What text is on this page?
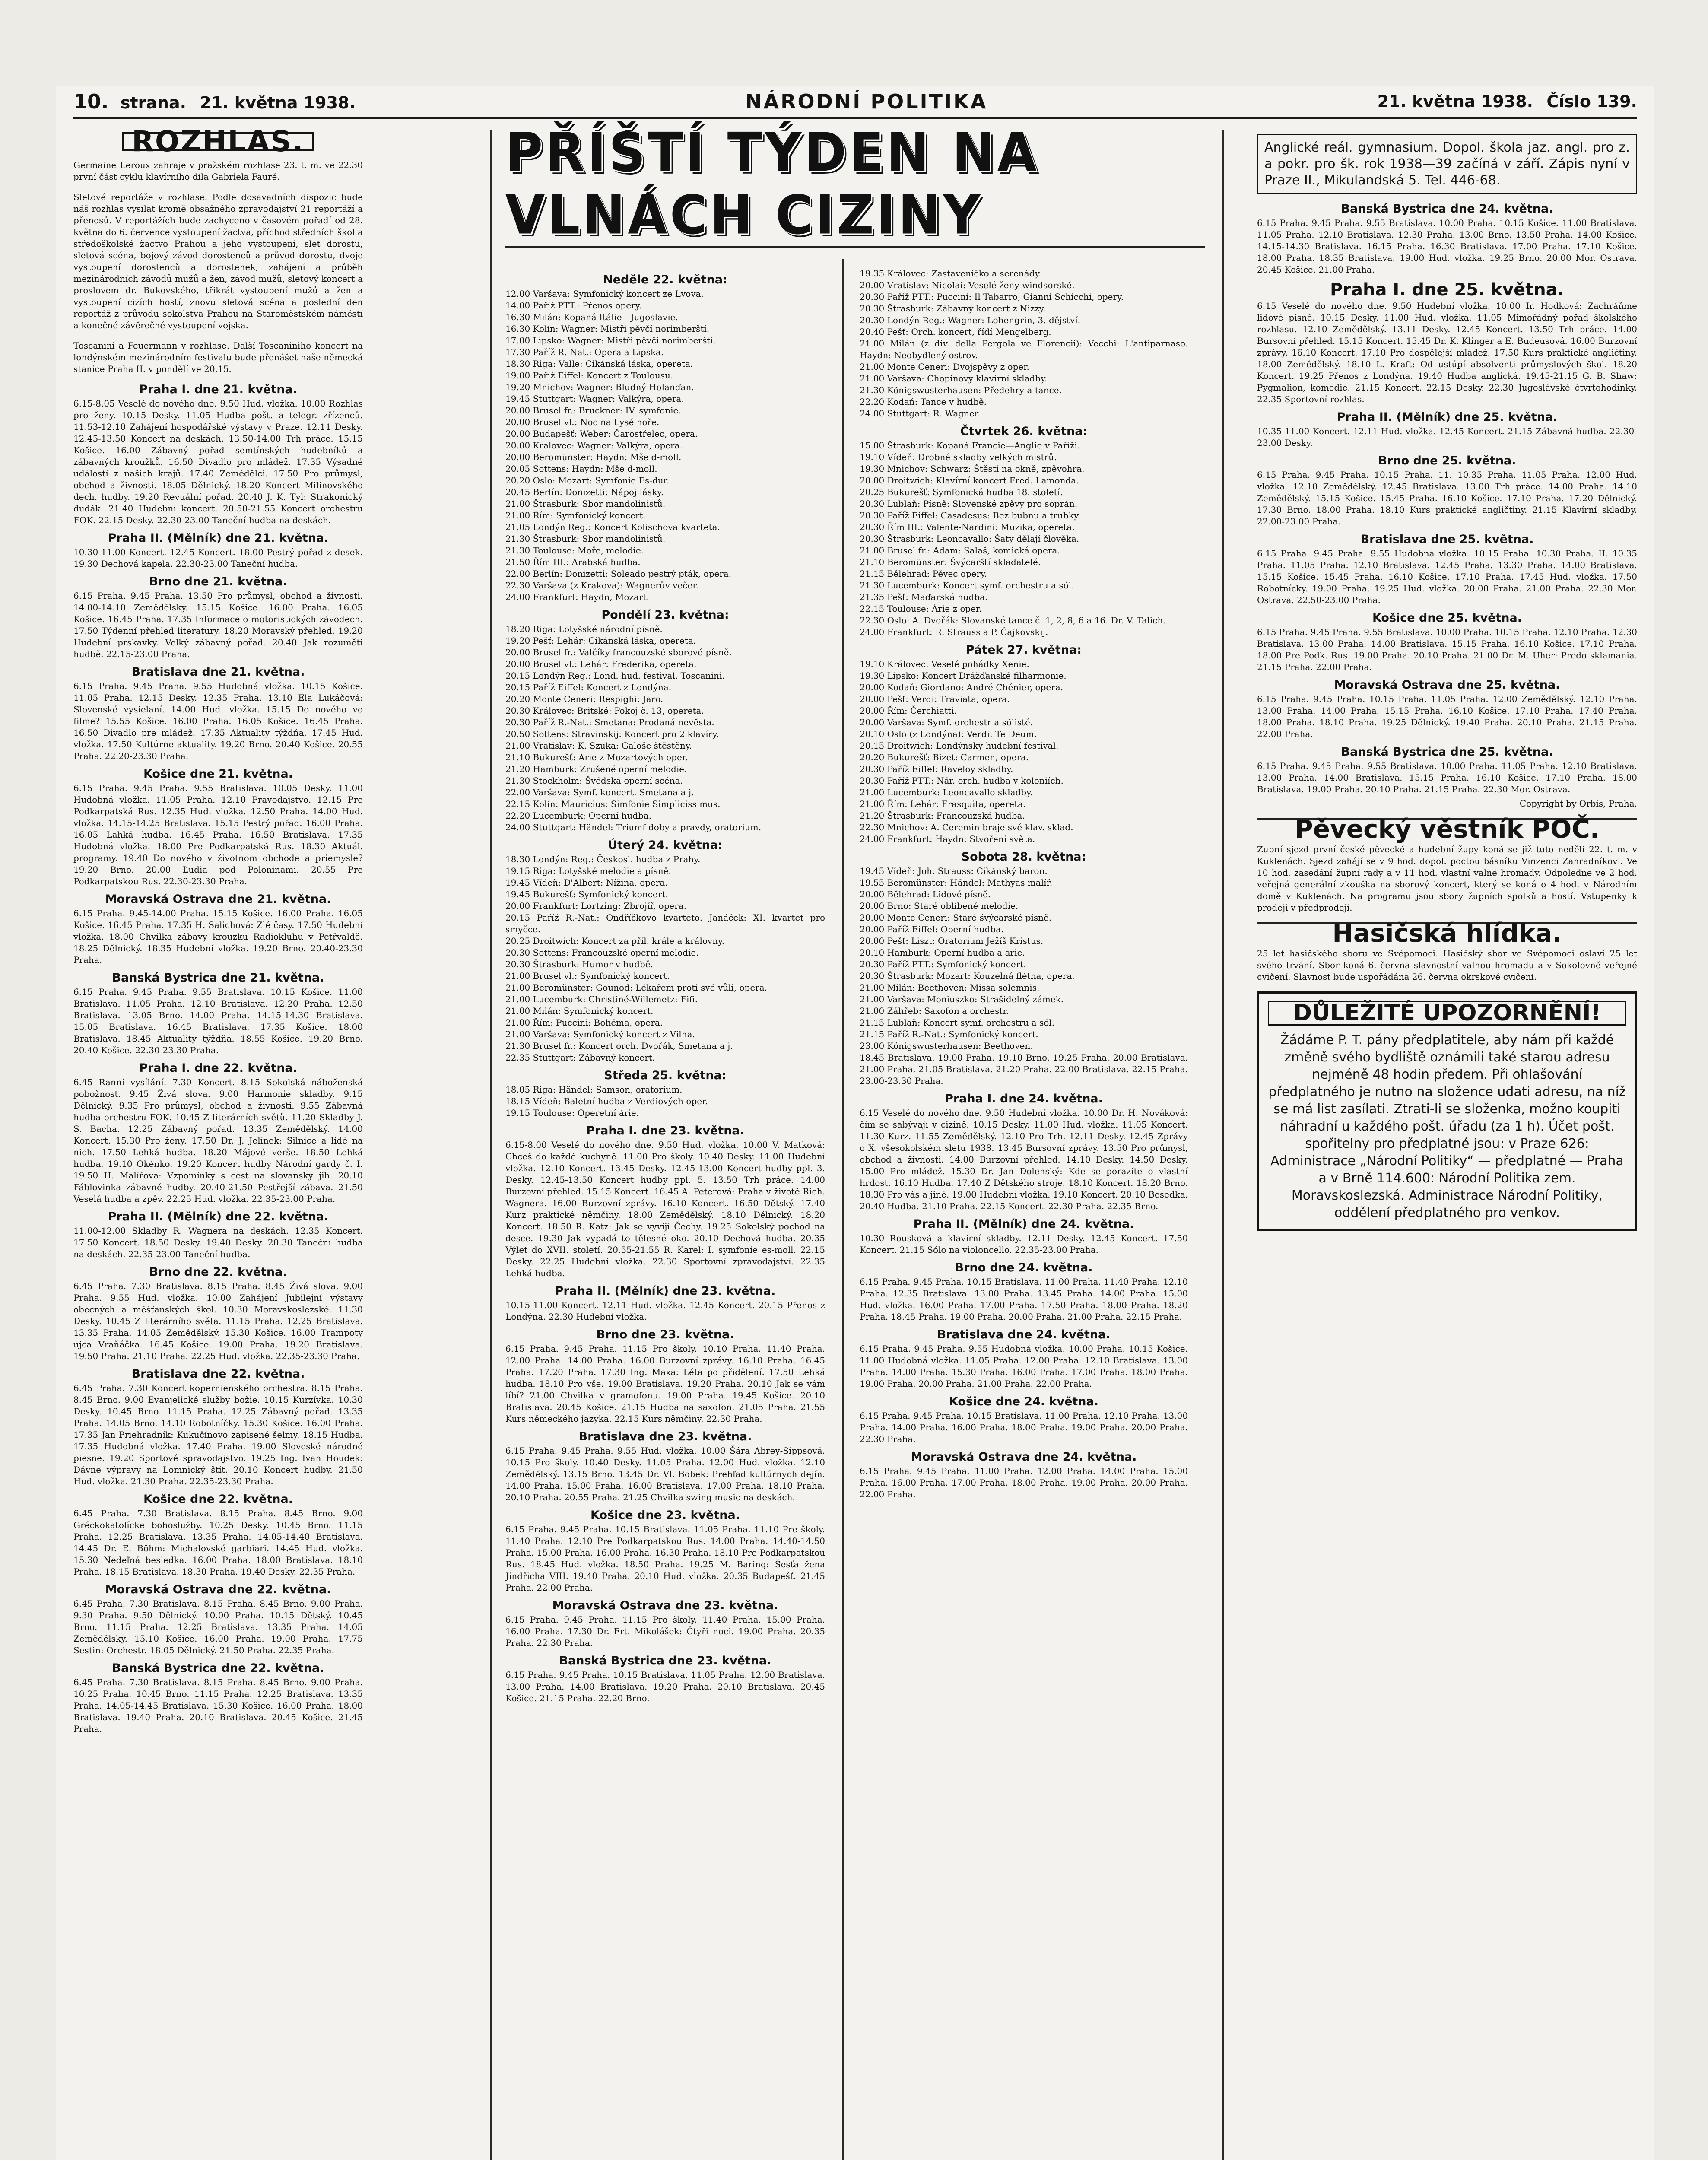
10. strana. 21. května 1938.	NÁRODNÍ POLITIKA	21. května 1938. Číslo 139.
ROZHLAS.

Germaine Leroux zahraje v pražském rozhlase 23. t. m. ve 22.30 první část cyklu klavírního díla Gabriela Fauré.

Sletové reportáže v rozhlase. Podle dosavadních dispozic bude náš rozhlas vysílat kromě obsažného zpravodajství 21 reportáží a přenosů. V reportážích bude zachyceno v časovém pořadí od 28. května do 6. července vystoupení žactva, příchod středních škol a středoškolské žactvo Prahou a jeho vystoupení, slet dorostu, sletová scéna, bojový závod dorostenců a průvod dorostu, dvoje vystoupení dorostenců a dorostenek, zahájení a průběh mezinárodních závodů mužů a žen, závod mužů, sletový koncert a proslovem dr. Bukovského, třikrát vystoupení mužů a žen a vystoupení cizích hostí, znovu sletová scéna a poslední den reportáž z průvodu sokolstva Prahou na Staroměstském náměstí a konečné závěrečné vystoupení vojska.

Toscanini a Feuermann v rozhlase. Další Toscaniniho koncert na londýnském mezinárodním festivalu bude přenášet naše německá stanice Praha II. v pondělí ve 20.15.

Praha I. dne 21. května.
6.15-8.05 Veselé do nového dne. 9.50 Hud. vložka. 10.00 Rozhlas pro ženy. 10.15 Desky. 11.05 Hudba pošt. a telegr. zřízenců. 11.53-12.10 Zahájení hospodářské výstavy v Praze. 12.11 Desky. 12.45-13.50 Koncert na deskách. 13.50-14.00 Trh práce. 15.15 Košice. 16.00 Zábavný pořad semtínských hudebníků a zábavných kroužků. 16.50 Divadlo pro mládež. 17.35 Výsadné událostí z našich krajů. 17.40 Zemědělci. 17.50 Pro průmysl, obchod a živnosti. 18.05 Dělnický. 18.20 Koncert Milinovského dech. hudby. 19.20 Revuální pořad. 20.40 J. K. Tyl: Strakonický dudák. 21.40 Hudební koncert. 20.50-21.55 Koncert orchestru FOK. 22.15 Desky. 22.30-23.00 Taneční hudba na deskách.
Praha II. (Mělník) dne 21. května.
10.30-11.00 Koncert. 12.45 Koncert. 18.00 Pestrý pořad z desek. 19.30 Dechová kapela. 22.30-23.00 Taneční hudba.
Brno dne 21. května.
6.15 Praha. 9.45 Praha. 13.50 Pro průmysl, obchod a živnosti. 14.00-14.10 Zemědělský. 15.15 Košice. 16.00 Praha. 16.05 Košice. 16.45 Praha. 17.35 Informace o motoristických závodech. 17.50 Týdenní přehled literatury. 18.20 Moravský přehled. 19.20 Hudební prskavky. Velký zábavný pořad. 20.40 Jak rozuměti hudbě. 22.15-23.00 Praha.
Bratislava dne 21. května.
6.15 Praha. 9.45 Praha. 9.55 Hudobná vložka. 10.15 Košice. 11.05 Praha. 12.15 Desky. 12.35 Praha. 13.10 Ela Lukáčová: Slovenské vysielaní. 14.00 Hud. vložka. 15.15 Do nového vo filme? 15.55 Košice. 16.00 Praha. 16.05 Košice. 16.45 Praha. 16.50 Divadlo pre mládež. 17.35 Aktuality týždňa. 17.45 Hud. vložka. 17.50 Kultúrne aktuality. 19.20 Brno. 20.40 Košice. 20.55 Praha. 22.20-23.30 Praha.
Košice dne 21. května.
6.15 Praha. 9.45 Praha. 9.55 Bratislava. 10.05 Desky. 11.00 Hudobná vložka. 11.05 Praha. 12.10 Pravodajstvo. 12.15 Pre Podkarpatská Rus. 12.35 Hud. vložka. 12.50 Praha. 14.00 Hud. vložka. 14.15-14.25 Bratislava. 15.15 Pestrý pořad. 16.00 Praha. 16.05 Lahká hudba. 16.45 Praha. 16.50 Bratislava. 17.35 Hudobná vložka. 18.00 Pre Podkarpatská Rus. 18.30 Aktuál. programy. 19.40 Do nového v životnom obchode a priemysle? 19.20 Brno. 20.00 Ľudia pod Poloninami. 20.55 Pre Podkarpatskou Rus. 22.30-23.30 Praha.
Moravská Ostrava dne 21. května.
6.15 Praha. 9.45-14.00 Praha. 15.15 Košice. 16.00 Praha. 16.05 Košice. 16.45 Praha. 17.35 H. Salichová: Zlé časy. 17.50 Hudební vložka. 18.00 Chvilka zábavy krouzku Radiokluhu v Petřvaldě. 18.25 Dělnický. 18.35 Hudební vložka. 19.20 Brno. 20.40-23.30 Praha.
Banská Bystrica dne 21. května.
6.15 Praha. 9.45 Praha. 9.55 Bratislava. 10.15 Košice. 11.00 Bratislava. 11.05 Praha. 12.10 Bratislava. 12.20 Praha. 12.50 Bratislava. 13.05 Brno. 14.00 Praha. 14.15-14.30 Bratislava. 15.05 Bratislava. 16.45 Bratislava. 17.35 Košice. 18.00 Bratislava. 18.45 Aktuality týždňa. 18.55 Košice. 19.20 Brno. 20.40 Košice. 22.30-23.30 Praha.
Praha I. dne 22. května.
6.45 Ranní vysílání. 7.30 Koncert. 8.15 Sokolská náboženská pobožnost. 9.45 Živá slova. 9.00 Harmonie skladby. 9.15 Dělnický. 9.35 Pro průmysl, obchod a živnosti. 9.55 Zábavná hudba orchestru FOK. 10.45 Z literárních světů. 11.20 Skladby J. S. Bacha. 12.25 Zábavný pořad. 13.35 Zemědělský. 14.00 Koncert. 15.30 Pro ženy. 17.50 Dr. J. Jelínek: Silnice a lidé na nich. 17.50 Lehká hudba. 18.20 Májové verše. 18.50 Lehká hudba. 19.10 Okénko. 19.20 Koncert hudby Národní gardy č. I. 19.50 H. Malířová: Vzpomínky s cest na slovanský jih. 20.10 Fáblovinka zábavné hudby. 20.40-21.50 Pestřejší zábava. 21.50 Veselá hudba a zpěv. 22.25 Hud. vložka. 22.35-23.00 Praha.
Praha II. (Mělník) dne 22. května.
11.00-12.00 Skladby R. Wagnera na deskách. 12.35 Koncert. 17.50 Koncert. 18.50 Desky. 19.40 Desky. 20.30 Taneční hudba na deskách. 22.35-23.00 Taneční hudba.
Brno dne 22. května.
6.45 Praha. 7.30 Bratislava. 8.15 Praha. 8.45 Živá slova. 9.00 Praha. 9.55 Hud. vložka. 10.00 Zahájení Jubilejní výstavy obecných a měšťanských škol. 10.30 Moravskoslezské. 11.30 Desky. 10.45 Z literárního světa. 11.15 Praha. 12.25 Bratislava. 13.35 Praha. 14.05 Zemědělský. 15.30 Košice. 16.00 Trampoty ujca Vraňáčka. 16.45 Košice. 19.00 Praha. 19.20 Bratislava. 19.50 Praha. 21.10 Praha. 22.25 Hud. vložka. 22.35-23.30 Praha.
Bratislava dne 22. května.
6.45 Praha. 7.30 Koncert kopernienského orchestra. 8.15 Praha. 8.45 Brno. 9.00 Evanjelické služby božie. 10.15 Kurzívka. 10.30 Desky. 10.45 Brno. 11.15 Praha. 12.25 Zábavný pořad. 13.35 Praha. 14.05 Brno. 14.10 Robotníčky. 15.30 Košice. 16.00 Praha. 17.35 Jan Priehradník: Kukučínovo zapisené šelmy. 18.15 Hudba. 17.35 Hudobná vložka. 17.40 Praha. 19.00 Sloveské národné piesne. 19.20 Sportové spravodajstvo. 19.25 Ing. Ivan Houdek: Dávne výpravy na Lomnický štít. 20.10 Koncert hudby. 21.50 Hud. vložka. 21.30 Praha. 22.35-23.30 Praha.
Košice dne 22. května.
6.45 Praha. 7.30 Bratislava. 8.15 Praha. 8.45 Brno. 9.00 Gréckokatolícke bohoslužby. 10.25 Desky. 10.45 Brno. 11.15 Praha. 12.25 Bratislava. 13.35 Praha. 14.05-14.40 Bratislava. 14.45 Dr. E. Böhm: Michalovské garbiari. 14.45 Hud. vložka. 15.30 Nedeľná besiedka. 16.00 Praha. 18.00 Bratislava. 18.10 Praha. 18.15 Bratislava. 18.30 Praha. 19.40 Desky. 22.35 Praha.
Moravská Ostrava dne 22. května.
6.45 Praha. 7.30 Bratislava. 8.15 Praha. 8.45 Brno. 9.00 Praha. 9.30 Praha. 9.50 Dělnický. 10.00 Praha. 10.15 Dětský. 10.45 Brno. 11.15 Praha. 12.25 Bratislava. 13.35 Praha. 14.05 Zemědělský. 15.10 Košice. 16.00 Praha. 19.00 Praha. 17.75 Sestin: Orchestr. 18.05 Dělnický. 21.50 Praha. 22.35 Praha.
Banská Bystrica dne 22. května.
6.45 Praha. 7.30 Bratislava. 8.15 Praha. 8.45 Brno. 9.00 Praha. 10.25 Praha. 10.45 Brno. 11.15 Praha. 12.25 Bratislava. 13.35 Praha. 14.05-14.45 Bratislava. 15.30 Košice. 16.00 Praha. 18.00 Bratislava. 19.40 Praha. 20.10 Bratislava. 20.45 Košice. 21.45 Praha.
PŘÍŠTÍ TÝDEN NA VLNÁCH CIZINY
Neděle 22. května:
12.00 Varšava: Symfonický koncert ze Lvova.
14.00 Paříž PTT.: Přenos opery.
16.30 Milán: Kopaná Itálie—Jugoslavie.
16.30 Kolín: Wagner: Mistři pěvčí norimberští.
17.00 Lipsko: Wagner: Mistři pěvčí norimberští.
17.30 Paříž R.-Nat.: Opera a Lipska.
18.30 Riga: Valle: Cikánská láska, opereta.
19.00 Paříž Eiffel: Koncert z Toulousu.
19.20 Mnichov: Wagner: Bludný Holanďan.
19.45 Stuttgart: Wagner: Valkýra, opera.
20.00 Brusel fr.: Bruckner: IV. symfonie.
20.00 Brusel vl.: Noc na Lysé hoře.
20.00 Budapešť: Weber: Čarostřelec, opera.
20.00 Královec: Wagner: Valkýra, opera.
20.00 Beromünster: Haydn: Mše d-moll.
20.05 Sottens: Haydn: Mše d-moll.
20.20 Oslo: Mozart: Symfonie Es-dur.
20.45 Berlín: Donizetti: Nápoj lásky.
21.00 Štrasburk: Sbor mandolinistů.
21.00 Řím: Symfonický koncert.
21.05 Londýn Reg.: Koncert Kolischova kvarteta.
21.30 Štrasburk: Sbor mandolinistů.
21.30 Toulouse: Moře, melodie.
21.50 Řím III.: Arabská hudba.
22.00 Berlín: Donizetti: Soleado pestrý pták, opera.
22.30 Varšava (z Krakova): Wagnerův večer.
24.00 Frankfurt: Haydn, Mozart.
Pondělí 23. května:
18.20 Riga: Lotyšské národní písně.
19.20 Pešť: Lehár: Cikánská láska, opereta.
20.00 Brusel fr.: Valčíky francouzské sborové písně.
20.00 Brusel vl.: Lehár: Frederika, opereta.
20.15 Londýn Reg.: Lond. hud. festival. Toscanini.
20.15 Paříž Eiffel: Koncert z Londýna.
20.20 Monte Ceneri: Respighi: Jaro.
20.30 Královec: Britské: Pokoj č. 13, opereta.
20.30 Paříž R.-Nat.: Smetana: Prodaná nevěsta.
20.50 Sottens: Stravinskij: Koncert pro 2 klavíry.
21.00 Vratislav: K. Szuka: Galoše štěstěny.
21.10 Bukurešť: Arie z Mozartových oper.
21.20 Hamburk: Zrušené operní melodie.
21.30 Stockholm: Švédská operní scéna.
22.00 Varšava: Symf. koncert. Smetana a j.
22.15 Kolín: Mauricius: Simfonie Simplicissimus.
22.20 Lucemburk: Operní hudba.
24.00 Stuttgart: Händel: Triumf doby a pravdy, oratorium.
Úterý 24. května:
18.30 Londýn: Reg.: Českosl. hudba z Prahy.
19.15 Riga: Lotyšské melodie a písně.
19.45 Vídeň: D'Albert: Nížina, opera.
19.45 Bukurešť: Symfonický koncert.
20.00 Frankfurt: Lortzing: Zbrojíř, opera.
20.15 Paříž R.-Nat.: Ondříčkovo kvarteto. Janáček: XI. kvartet pro smyčce.
20.25 Droitwich: Koncert za příl. krále a královny.
20.30 Sottens: Francouzské operní melodie.
20.30 Štrasburk: Humor v hudbě.
21.00 Brusel vl.: Symfonický koncert.
21.00 Beromünster: Gounod: Lékařem proti své vůli, opera.
21.00 Lucemburk: Christiné-Willemetz: Fifi.
21.00 Milán: Symfonický koncert.
21.00 Řím: Puccini: Bohéma, opera.
21.00 Varšava: Symfonický koncert z Vilna.
21.30 Brusel fr.: Koncert orch. Dvořák, Smetana a j.
22.35 Stuttgart: Zábavný koncert.
Středa 25. května:
18.05 Riga: Händel: Samson, oratorium.
18.15 Vídeň: Baletní hudba z Verdiových oper.
19.15 Toulouse: Operetní árie.
Praha I. dne 23. května.
6.15-8.00 Veselé do nového dne. 9.50 Hud. vložka. 10.00 V. Matková: Chceš do každé kuchyně. 11.00 Pro školy. 10.40 Desky. 11.00 Hudební vložka. 12.10 Koncert. 13.45 Desky. 12.45-13.00 Koncert hudby ppl. 3. Desky. 12.45-13.50 Koncert hudby ppl. 5. 13.50 Trh práce. 14.00 Burzovní přehled. 15.15 Koncert. 16.45 A. Peterová: Praha v životě Rich. Wagnera. 16.00 Burzovní zprávy. 16.10 Koncert. 16.50 Dětský. 17.40 Kurz praktické němčiny. 18.00 Zemědělský. 18.10 Dělnický. 18.20 Koncert. 18.50 R. Katz: Jak se vyvíjí Čechy. 19.25 Sokolský pochod na desce. 19.30 Jak vypadá to tělesné oko. 20.10 Dechová hudba. 20.35 Výlet do XVII. století. 20.55-21.55 R. Karel: I. symfonie es-moll. 22.15 Desky. 22.25 Hudební vložka. 22.30 Sportovní zpravodajství. 22.35 Lehká hudba.
Praha II. (Mělník) dne 23. května.
10.15-11.00 Koncert. 12.11 Hud. vložka. 12.45 Koncert. 20.15 Přenos z Londýna. 22.30 Hudební vložka.
Brno dne 23. května.
6.15 Praha. 9.45 Praha. 11.15 Pro školy. 10.10 Praha. 11.40 Praha. 12.00 Praha. 14.00 Praha. 16.00 Burzovní zprávy. 16.10 Praha. 16.45 Praha. 17.20 Praha. 17.30 Ing. Maxa: Léta po přidělení. 17.50 Lehká hudba. 18.10 Pro vše. 19.00 Bratislava. 19.20 Praha. 20.10 Jak se vám líbí? 21.00 Chvilka v gramofonu. 19.00 Praha. 19.45 Košice. 20.10 Bratislava. 20.45 Košice. 21.15 Hudba na saxofon. 21.05 Praha. 21.55 Kurs německého jazyka. 22.15 Kurs němčiny. 22.30 Praha.
Bratislava dne 23. května.
6.15 Praha. 9.45 Praha. 9.55 Hud. vložka. 10.00 Šára Abrey-Sippsová. 10.15 Pro školy. 10.40 Desky. 11.05 Praha. 12.00 Hud. vložka. 12.10 Zemědělský. 13.15 Brno. 13.45 Dr. Vl. Bobek: Prehľad kultúrnych dejín. 14.00 Praha. 15.00 Praha. 16.00 Bratislava. 17.00 Praha. 18.10 Praha. 20.10 Praha. 20.55 Praha. 21.25 Chvilka swing music na deskách.
Košice dne 23. května.
6.15 Praha. 9.45 Praha. 10.15 Bratislava. 11.05 Praha. 11.10 Pre školy. 11.40 Praha. 12.10 Pre Podkarpatskou Rus. 14.00 Praha. 14.40-14.50 Praha. 15.00 Praha. 16.00 Praha. 16.30 Praha. 18.10 Pre Podkarpatskou Rus. 18.45 Hud. vložka. 18.50 Praha. 19.25 M. Baring: Šesťa žena Jindřicha VIII. 19.40 Praha. 20.10 Hud. vložka. 20.35 Budapešť. 21.45 Praha. 22.00 Praha.
Moravská Ostrava dne 23. května.
6.15 Praha. 9.45 Praha. 11.15 Pro školy. 11.40 Praha. 15.00 Praha. 16.00 Praha. 17.30 Dr. Frt. Mikolášek: Čtyři noci. 19.00 Praha. 20.35 Praha. 22.30 Praha.
Banská Bystrica dne 23. května.
6.15 Praha. 9.45 Praha. 10.15 Bratislava. 11.05 Praha. 12.00 Bratislava. 13.00 Praha. 14.00 Bratislava. 19.20 Praha. 20.10 Bratislava. 20.45 Košice. 21.15 Praha. 22.20 Brno.
19.35 Královec: Zastaveníčko a serenády.
20.00 Vratislav: Nicolai: Veselé ženy windsorské.
20.30 Paříž PTT.: Puccini: Il Tabarro, Gianni Schicchi, opery.
20.30 Štrasburk: Zábavný koncert z Nizzy.
20.30 Londýn Reg.: Wagner: Lohengrin, 3. dějství.
20.40 Pešť: Orch. koncert, řídí Mengelberg.
21.00 Milán (z div. della Pergola ve Florencii): Vecchi: L'antiparnaso. Haydn: Neobydlený ostrov.
21.00 Monte Ceneri: Dvojspěvy z oper.
21.00 Varšava: Chopinovy klavírní skladby.
21.30 Königswusterhausen: Předehry a tance.
22.20 Kodaň: Tance v hudbě.
24.00 Stuttgart: R. Wagner.
Čtvrtek 26. května:
15.00 Štrasburk: Kopaná Francie—Anglie v Paříži.
19.10 Vídeň: Drobné skladby velkých mistrů.
19.30 Mnichov: Schwarz: Štěstí na okně, zpěvohra.
20.00 Droitwich: Klavírní koncert Fred. Lamonda.
20.25 Bukurešť: Symfonická hudba 18. století.
20.30 Lublaň: Písně: Slovenské zpěvy pro soprán.
20.30 Paříž Eiffel: Casadesus: Bez bubnu a trubky.
20.30 Řím III.: Valente-Nardini: Muzika, opereta.
20.30 Štrasburk: Leoncavallo: Šaty dělají člověka.
21.00 Brusel fr.: Adam: Salaš, komická opera.
21.10 Beromünster: Švýcarští skladatelé.
21.15 Bělehrad: Pěvec opery.
21.30 Lucemburk: Koncert symf. orchestru a sól.
21.35 Pešť: Maďarská hudba.
22.15 Toulouse: Árie z oper.
22.30 Oslo: A. Dvořák: Slovanské tance č. 1, 2, 8, 6 a 16. Dr. V. Talich.
24.00 Frankfurt: R. Strauss a P. Čajkovskij.
Pátek 27. května:
19.10 Královec: Veselé pohádky Xenie.
19.30 Lipsko: Koncert Drážďanské filharmonie.
20.00 Kodaň: Giordano: André Chénier, opera.
20.00 Pešť: Verdi: Traviata, opera.
20.00 Řím: Čerchiatti.
20.00 Varšava: Symf. orchestr a sólisté.
20.10 Oslo (z Londýna): Verdi: Te Deum.
20.15 Droitwich: Londýnský hudební festival.
20.20 Bukurešť: Bizet: Carmen, opera.
20.30 Paříž Eiffel: Raveloy skladby.
20.30 Paříž PTT.: Nár. orch. hudba v koloniích.
21.00 Lucemburk: Leoncavallo skladby.
21.00 Řím: Lehár: Frasquita, opereta.
21.20 Štrasburk: Francouzská hudba.
22.30 Mnichov: A. Ceremin braje své klav. sklad.
24.00 Frankfurt: Haydn: Stvoření světa.
Sobota 28. května:
19.45 Vídeň: Joh. Strauss: Cikánský baron.
19.55 Beromünster: Händel: Mathyas malíř.
20.00 Bělehrad: Lidové písně.
20.00 Brno: Staré oblíbené melodie.
20.00 Monte Ceneri: Staré švýcarské písně.
20.00 Paříž Eiffel: Operní hudba.
20.00 Pešť: Liszt: Oratorium Ježíš Kristus.
20.10 Hamburk: Operní hudba a arie.
20.30 Paříž PTT.: Symfonický koncert.
20.30 Štrasburk: Mozart: Kouzelná flétna, opera.
21.00 Milán: Beethoven: Missa solemnis.
21.00 Varšava: Moniuszko: Strašidelný zámek.
21.00 Záhřeb: Saxofon a orchestr.
21.15 Lublaň: Koncert symf. orchestru a sól.
21.15 Paříž R.-Nat.: Symfonický koncert.
23.00 Königswusterhausen: Beethoven.
18.45 Bratislava. 19.00 Praha. 19.10 Brno. 19.25 Praha. 20.00 Bratislava. 21.00 Praha. 21.05 Bratislava. 21.20 Praha. 22.00 Bratislava. 22.15 Praha. 23.00-23.30 Praha.
Praha I. dne 24. května.
6.15 Veselé do nového dne. 9.50 Hudební vložka. 10.00 Dr. H. Nováková: čím se sabývají v cizině. 10.15 Desky. 11.00 Hud. vložka. 11.05 Koncert. 11.30 Kurz. 11.55 Zemědělský. 12.10 Pro Trh. 12.11 Desky. 12.45 Zprávy o X. všesokolském sletu 1938. 13.45 Bursovní zprávy. 13.50 Pro průmysl, obchod a živnosti. 14.00 Burzovní přehled. 14.10 Desky. 14.50 Desky. 15.00 Pro mládež. 15.30 Dr. Jan Dolenský: Kde se porazíte o vlastní hrdost. 16.10 Hudba. 17.40 Z Dětského stroje. 18.10 Koncert. 18.20 Brno. 18.30 Pro vás a jiné. 19.00 Hudební vložka. 19.10 Koncert. 20.10 Besedka. 20.40 Hudba. 21.10 Praha. 22.15 Koncert. 22.30 Praha. 22.35 Brno.
Praha II. (Mělník) dne 24. května.
10.30 Rousková a klavírní skladby. 12.11 Desky. 12.45 Koncert. 17.50 Koncert. 21.15 Sólo na violoncello. 22.35-23.00 Praha.
Brno dne 24. května.
6.15 Praha. 9.45 Praha. 10.15 Bratislava. 11.00 Praha. 11.40 Praha. 12.10 Praha. 12.35 Bratislava. 13.00 Praha. 13.45 Praha. 14.00 Praha. 15.00 Hud. vložka. 16.00 Praha. 17.00 Praha. 17.50 Praha. 18.00 Praha. 18.20 Praha. 18.45 Praha. 19.00 Praha. 20.00 Praha. 21.00 Praha. 22.15 Praha.
Bratislava dne 24. května.
6.15 Praha. 9.45 Praha. 9.55 Hudobná vložka. 10.00 Praha. 10.15 Košice. 11.00 Hudobná vložka. 11.05 Praha. 12.00 Praha. 12.10 Bratislava. 13.00 Praha. 14.00 Praha. 15.30 Praha. 16.00 Praha. 17.00 Praha. 18.00 Praha. 19.00 Praha. 20.00 Praha. 21.00 Praha. 22.00 Praha.
Košice dne 24. května.
6.15 Praha. 9.45 Praha. 10.15 Bratislava. 11.00 Praha. 12.10 Praha. 13.00 Praha. 14.00 Praha. 16.00 Praha. 18.00 Praha. 19.00 Praha. 20.00 Praha. 22.30 Praha.
Moravská Ostrava dne 24. května.
6.15 Praha. 9.45 Praha. 11.00 Praha. 12.00 Praha. 14.00 Praha. 15.00 Praha. 16.00 Praha. 17.00 Praha. 18.00 Praha. 19.00 Praha. 20.00 Praha. 22.00 Praha.
Anglické reál. gymnasium. Dopol. škola jaz. angl. pro z. a pokr. pro šk. rok 1938—39 začíná v září. Zápis nyní v Praze II., Mikulandská 5. Tel. 446-68.
Banská Bystrica dne 24. května.
6.15 Praha. 9.45 Praha. 9.55 Bratislava. 10.00 Praha. 10.15 Košice. 11.00 Bratislava. 11.05 Praha. 12.10 Bratislava. 12.30 Praha. 13.00 Brno. 13.50 Praha. 14.00 Košice. 14.15-14.30 Bratislava. 16.15 Praha. 16.30 Bratislava. 17.00 Praha. 17.10 Košice. 18.00 Praha. 18.35 Bratislava. 19.00 Hud. vložka. 19.25 Brno. 20.00 Mor. Ostrava. 20.45 Košice. 21.00 Praha.
Praha I. dne 25. května.
6.15 Veselé do nového dne. 9.50 Hudební vložka. 10.00 Ir. Hodková: Zachráňme lidové písně. 10.15 Desky. 11.00 Hud. vložka. 11.05 Mimořádný pořad školského rozhlasu. 12.10 Zemědělský. 13.11 Desky. 12.45 Koncert. 13.50 Trh práce. 14.00 Bursovní přehled. 15.15 Koncert. 15.45 Dr. K. Klinger a E. Budeusová. 16.00 Burzovní zprávy. 16.10 Koncert. 17.10 Pro dospělejší mládež. 17.50 Kurs praktické angličtiny. 18.00 Zemědělský. 18.10 L. Kraft: Od ustúpí absolventi průmyslových škol. 18.20 Koncert. 19.25 Přenos z Londýna. 19.40 Hudba anglická. 19.45-21.15 G. B. Shaw: Pygmalion, komedie. 21.15 Koncert. 22.15 Desky. 22.30 Jugoslávské čtvrtohodinky. 22.35 Sportovní rozhlas.
Praha II. (Mělník) dne 25. května.
10.35-11.00 Koncert. 12.11 Hud. vložka. 12.45 Koncert. 21.15 Zábavná hudba. 22.30-23.00 Desky.
Brno dne 25. května.
6.15 Praha. 9.45 Praha. 10.15 Praha. 11. 10.35 Praha. 11.05 Praha. 12.00 Hud. vložka. 12.10 Zemědělský. 12.45 Bratislava. 13.00 Trh práce. 14.00 Praha. 14.10 Zemědělský. 15.15 Košice. 15.45 Praha. 16.10 Košice. 17.10 Praha. 17.20 Dělnický. 17.30 Brno. 18.00 Praha. 18.10 Kurs praktické angličtiny. 21.15 Klavírní skladby. 22.00-23.00 Praha.
Bratislava dne 25. května.
6.15 Praha. 9.45 Praha. 9.55 Hudobná vložka. 10.15 Praha. 10.30 Praha. II. 10.35 Praha. 11.05 Praha. 12.10 Bratislava. 12.45 Praha. 13.30 Praha. 14.00 Bratislava. 15.15 Košice. 15.45 Praha. 16.10 Košice. 17.10 Praha. 17.45 Hud. vložka. 17.50 Robotnícky. 19.00 Praha. 19.25 Hud. vložka. 20.00 Praha. 21.00 Praha. 22.30 Mor. Ostrava. 22.50-23.00 Praha.
Košice dne 25. května.
6.15 Praha. 9.45 Praha. 9.55 Bratislava. 10.00 Praha. 10.15 Praha. 12.10 Praha. 12.30 Bratislava. 13.00 Praha. 14.00 Bratislava. 15.15 Praha. 16.10 Košice. 17.10 Praha. 18.00 Pre Podk. Rus. 19.00 Praha. 20.10 Praha. 21.00 Dr. M. Uher: Predo sklamania. 21.15 Praha. 22.00 Praha.
Moravská Ostrava dne 25. května.
6.15 Praha. 9.45 Praha. 10.15 Praha. 11.05 Praha. 12.00 Zemědělský. 12.10 Praha. 13.00 Praha. 14.00 Praha. 15.15 Praha. 16.10 Košice. 17.10 Praha. 17.40 Praha. 18.00 Praha. 18.10 Praha. 19.25 Dělnický. 19.40 Praha. 20.10 Praha. 21.15 Praha. 22.00 Praha.
Banská Bystrica dne 25. května.
6.15 Praha. 9.45 Praha. 9.55 Bratislava. 10.00 Praha. 11.05 Praha. 12.10 Bratislava. 13.00 Praha. 14.00 Bratislava. 15.15 Praha. 16.10 Košice. 17.10 Praha. 18.00 Bratislava. 19.00 Praha. 20.10 Praha. 21.15 Praha. 22.30 Mor. Ostrava.
Copyright by Orbis, Praha.
Pěvecký věstník POČ.

Župní sjezd první české pěvecké a hudební župy koná se již tuto neděli 22. t. m. v Kuklenách. Sjezd zahájí se v 9 hod. dopol. poctou básníku Vinzenci Zahradníkovi. Ve 10 hod. zasedání župní rady a v 11 hod. vlastní valné hromady. Odpoledne ve 2 hod. veřejná generální zkouška na sborový koncert, který se koná o 4 hod. v Národním domě v Kuklenách. Na programu jsou sbory župních spolků a hostí. Vstupenky k prodeji v předprodeji.

Hasičská hlídka.

25 let hasičského sboru ve Svépomoci. Hasičský sbor ve Svépomoci oslaví 25 let svého trvání. Sbor koná 6. června slavnostní valnou hromadu a v Sokolovně veřejné cvičení. Slavnost bude uspořádána 26. června okrskové cvičení.

DŮLEŽITÉ UPOZORNĚNÍ!
Žádáme P. T. pány předplatitele, aby nám při každé změně svého bydliště oznámili také starou adresu nejméně 48 hodin předem. Při ohlašování předplatného je nutno na složence udati adresu, na níž se má list zasílati. Ztrati-li se složenka, možno koupiti náhradní u každého pošt. úřadu (za 1 h). Účet pošt. spořitelny pro předplatné jsou: v Praze 626: Administrace „Národní Politiky“ — předplatné — Praha a v Brně 114.600: Národní Politika zem. Moravskoslezská. Administrace Národní Politiky, oddělení předplatného pro venkov.
